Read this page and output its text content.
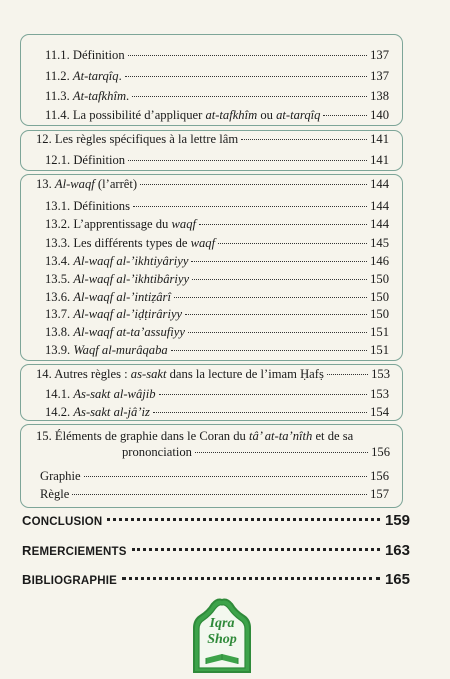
11.1. Définition	137
11.2. At-tarqîq.	137
11.3. At-tafkhîm.	138
11.4. La possibilité d’appliquer at-tafkhîm ou at-tarqîq	140
12. Les règles spécifiques à la lettre lâm	141
12.1. Définition	141
13. Al-waqf (l’arrêt)	144
13.1. Définitions	144
13.2. L’apprentissage du waqf	144
13.3. Les différents types de waqf	145
13.4. Al-waqf al-’ikhtiyâriyy	146
13.5. Al-waqf al-’ikhtibâriyy	150
13.6. Al-waqf al-’intiẓârî	150
13.7. Al-waqf al-’iḍṭirâriyy	150
13.8. Al-waqf at-ta’assufiyy	151
13.9. Waqf al-murâqaba	151
14. Autres règles : as-sakt dans la lecture de l’imam Ḥafṣ	153
14.1. As-sakt al-wâjib	153
14.2. As-sakt al-jâ’iz	154
15. Éléments de graphie dans le Coran du tâ’ at-ta’nîth et de sa
prononciation	156
Graphie	156
Règle	157
CONCLUSION	159
REMERCIEMENTS	163
BIBLIOGRAPHIE	165
Iqra
Shop
